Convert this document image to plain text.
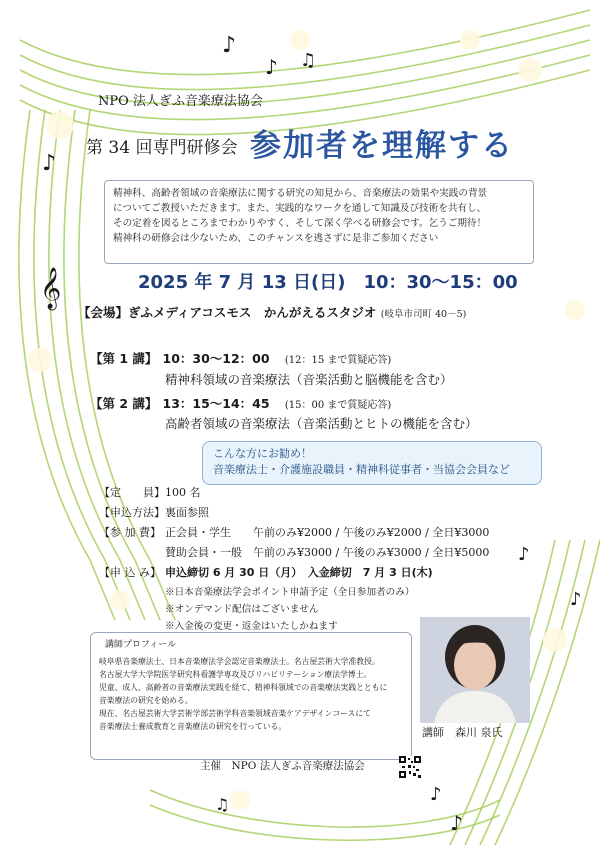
♪
♪ ♫
♪
𝄞
♪
♪
♪
♫
♪
NPO 法人ぎふ音楽療法協会
第 34 回専門研修会 参加者を理解する

精神科、高齢者領域の音楽療法に関する研究の知見から、音楽療法の効果や実践の背景

についてご教授いただきます。また、実践的なワークを通して知識及び技術を共有し、

その定着を図るところまでわかりやすく、そして深く学べる研修会です。乞うご期待！

精神科の研修会は少ないため、このチャンスを逃さずに是非ご参加ください

2025 年 7 月 13 日(日)　10：30～15：00
【会場】ぎふメディアコスモス　かんがえるスタジオ (岐阜市司町 40－5)
【第 1 講】 10：30～12：00 (12：15 まで質疑応答)
精神科領域の音楽療法（音楽活動と脳機能を含む）
【第 2 講】 13：15～14：45 (15：00 まで質疑応答)
高齢者領域の音楽療法（音楽活動とヒトの機能を含む）
こんな方にお勧め！
音楽療法士・介護施設職員・精神科従事者・当協会会員など
【定　　員】 100 名
【申込方法】 裏面参照
【参 加 費】 正会員・学生　　午前のみ¥2000 / 午後のみ¥2000 / 全日¥3000
賛助会員・一般　午前のみ¥3000 / 午後のみ¥3000 / 全日¥5000
【申 込 み】 申込締切 6 月 30 日（月）　入金締切　7 月 3 日(木)
※日本音楽療法学会ポイント申請予定（全日参加者のみ）
※オンデマンド配信はございません
※入金後の変更・返金はいたしかねます
講師プロフィール

岐阜県音楽療法士、日本音楽療法学会認定音楽療法士。名古屋芸術大学准教授。

名古屋大学大学院医学研究科看護学専攻及びリハビリテーション療法学博士。

児童、成人、高齢者の音楽療法実践を経て、精神科領域での音楽療法実践とともに

音楽療法の研究を始める。

現在、名古屋芸術大学芸術学部芸術学科音楽領域音楽ケアデザインコースにて

音楽療法士養成教育と音楽療法の研究を行っている。	講師　森川 泉氏
主催　NPO 法人ぎふ音楽療法協会
